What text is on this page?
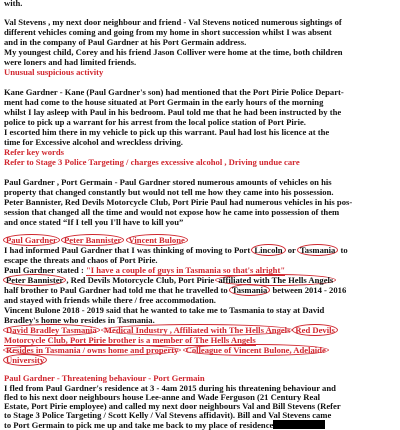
with.
Val Stevens , my next door neighbour and friend - Val Stevens noticed numerous sightings of
different vehicles coming and going from my home in short succession whilst I was absent
and in the company of Paul Gardner at his Port Germain address.
My youngest child, Corey and his friend Jason Colliver were home at the time, both children
were loners and had limited friends.
Unusual suspicious activity
Kane Gardner - Kane (Paul Gardner's son) had mentioned that the Port Pirie Police Depart-
ment had come to the house situated at Port Germain in the early hours of the morning
whilst I lay asleep with Paul in his bedroom. Paul told me that he had been instructed by the
police to pick up a warrant for his arrest from the local police station of Port Pirie.
I escorted him there in my vehicle to pick up this warrant. Paul had lost his licence at the
time for Excessive alcohol and wreckless driving.
Refer key words
Refer to Stage 3 Police Targeting / charges excessive alcohol , Driving undue care
Paul Gardner , Port Germain - Paul Gardner stored numerous amounts of vehicles on his
property that changed constantly but would not tell me how they came into his possession.
Peter Bannister, Red Devils Motorcycle Club, Port Pirie Paul had numerous vehicles in his pos-
session that changed all the time and would not expose how he came into possession of them
and once stated “If I tell you I'll have to kill you”
Paul Gardner Peter Bannister Vincent Bulone
I had informed Paul Gardner that I was thinking of moving to Port Lincoln or Tasmania to
escape the threats and chaos of Port Pirie.
Paul Gardner stated : "I have a couple of guys in Tasmania so that's alright"
Peter Bannister , Red Devils Motorcycle Club, Port Pirie affiliated with The Hells Angels
half brother to Paul Gardner had told me that he travelled to Tasmania between 2014 - 2016
and stayed with friends while there / free accommodation.
Vincent Bulone 2018 - 2019 said that he wanted to take me to Tasmania to stay at David
Bradley's home who resides in Tasmania.
David Bradley Tasmania Medical Industry , Affiliated with The Hells Angels Red Devils
Motorcycle Club, Port Pirie brother is a member of The Hells Angels
Resides in Tasmania / owns home and property Colleague of Vincent Bulone, Adelaide
University
Paul Gardner - Threatening behaviour - Port Germain
I fled from Paul Gardner's residence at 3 - 4am 2015 during his threatening behaviour and
fled to his next door neighbours house Lee-anne and Wade Ferguson (21 Century Real
Estate, Port Pirie employee) and called my next door neighbours Val and Bill Stevens (Refer
to Stage 3 Police Targeting / Scott Kelly / Val Stevens affidavit). Bill and Val Stevens came
to Port Germain to pick me up and take me back to my place of residence
